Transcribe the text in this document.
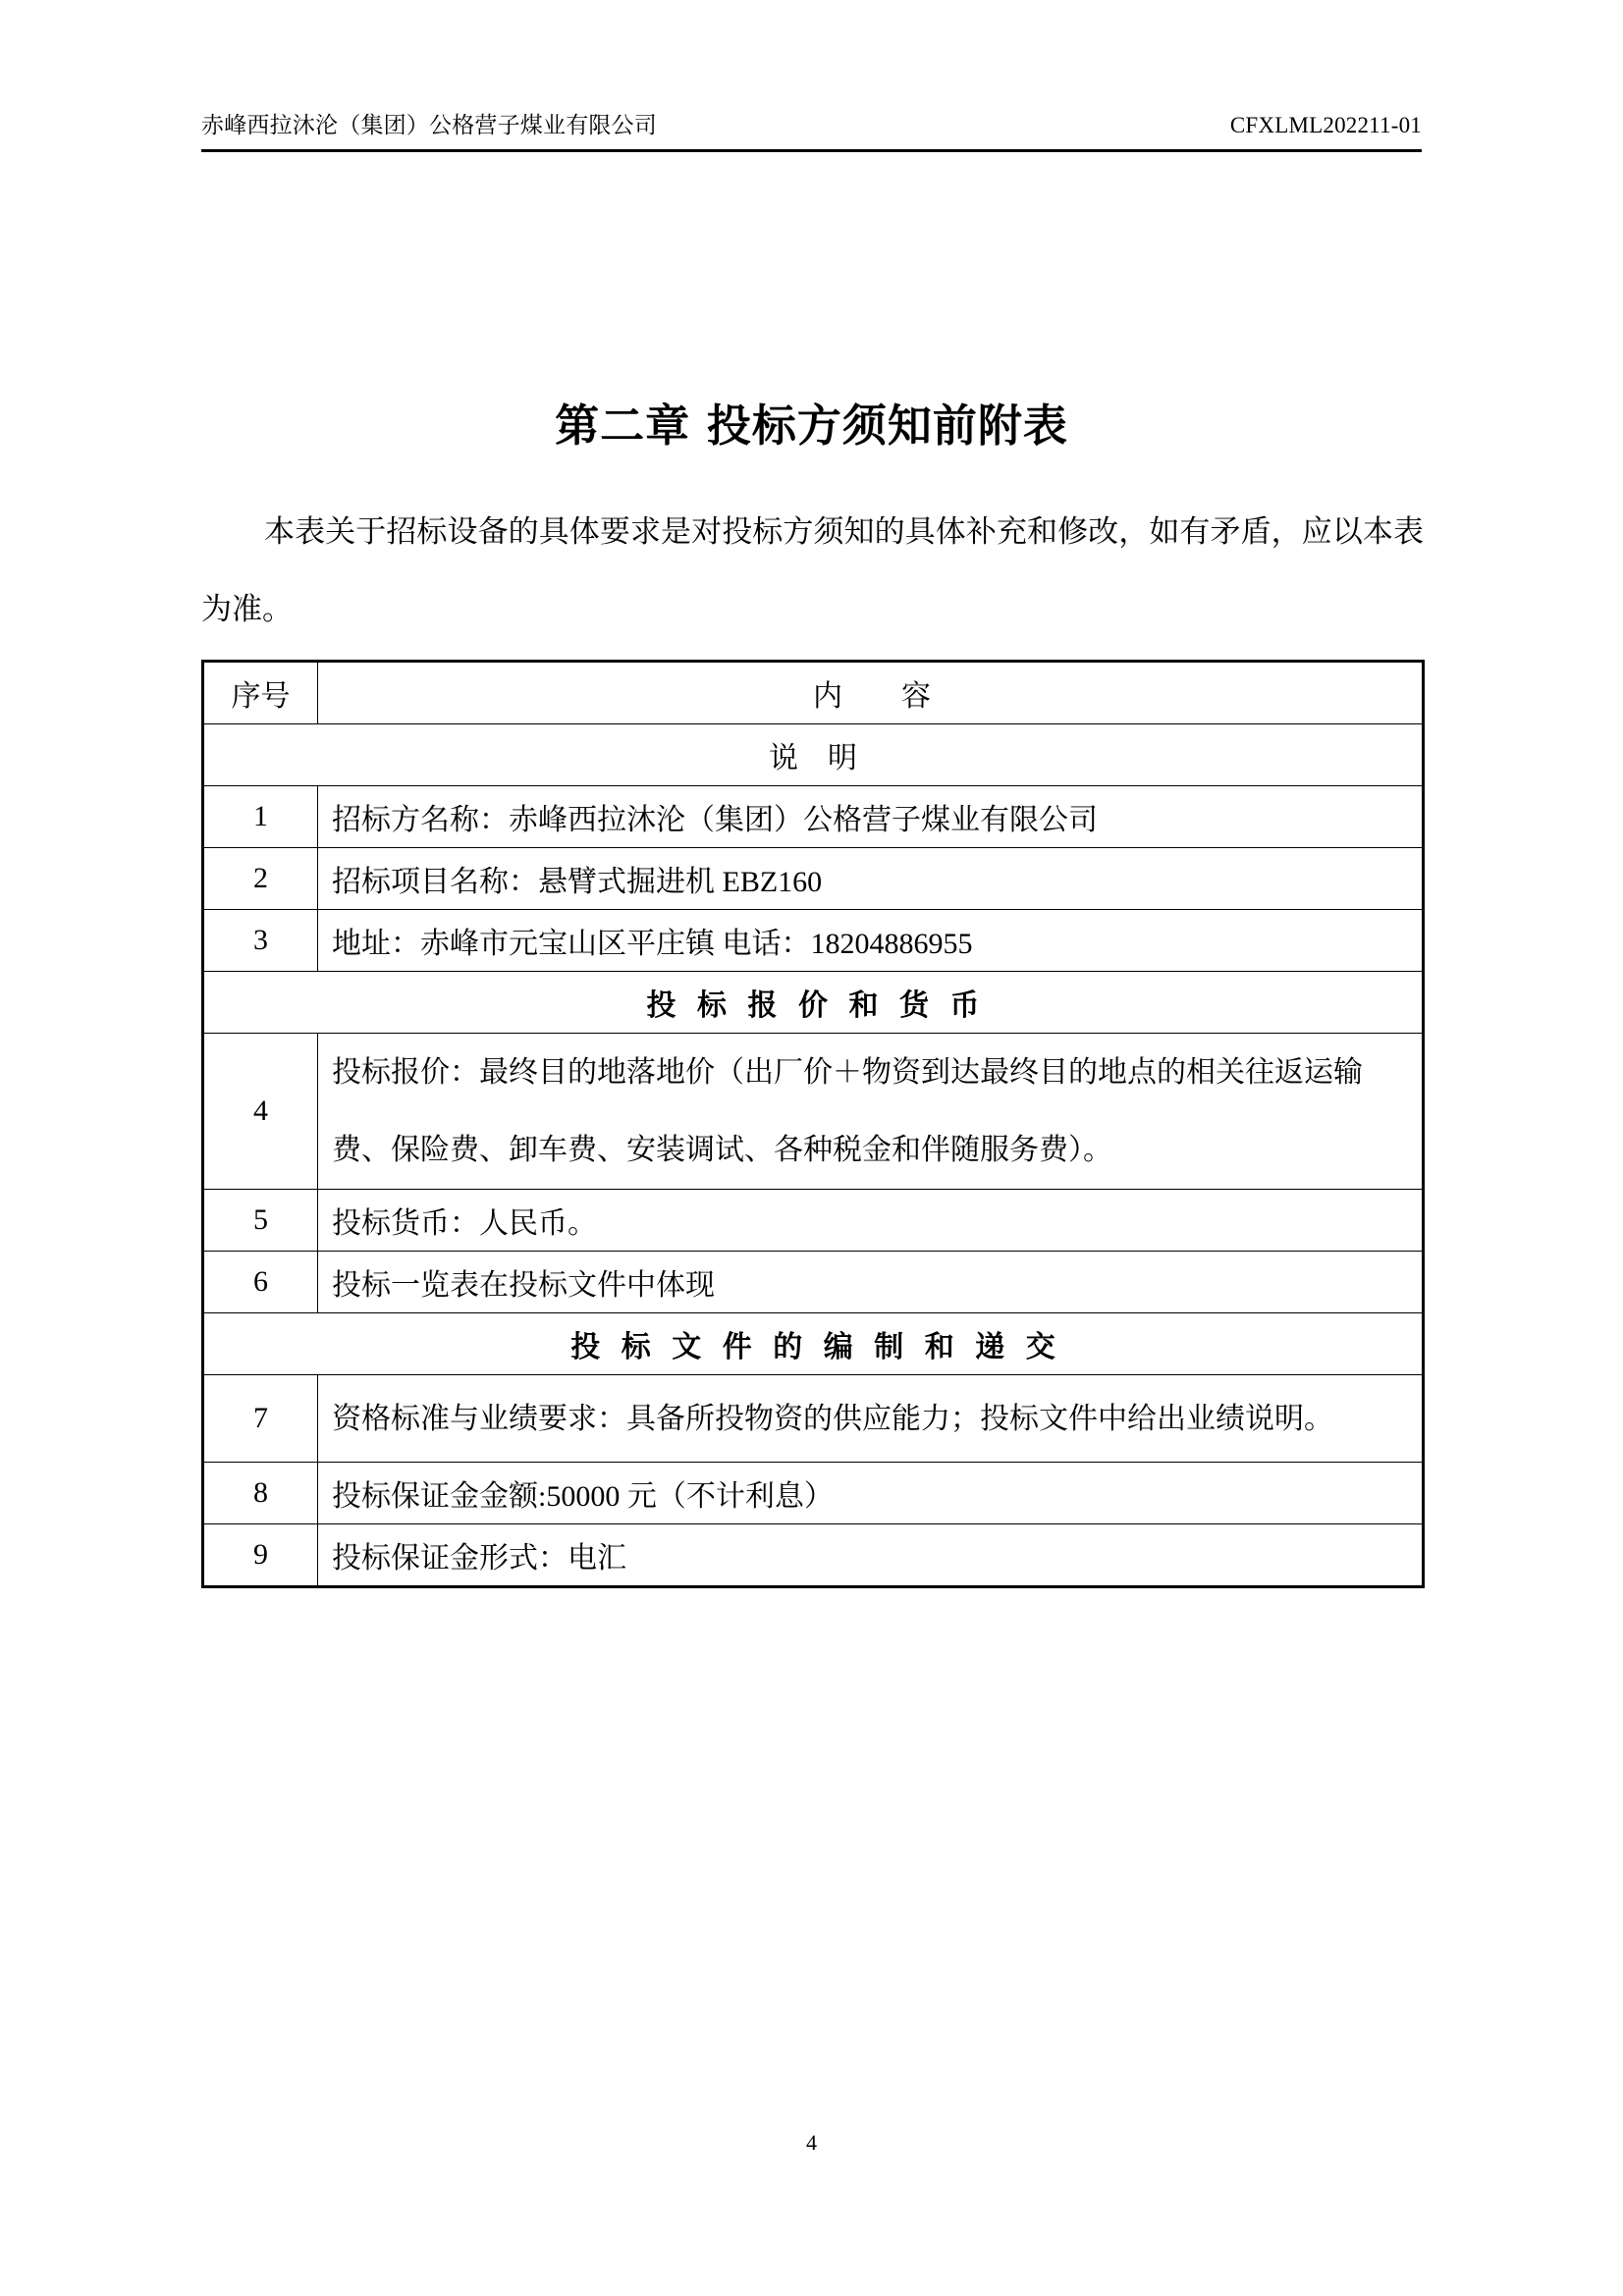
赤峰西拉沐沦（集团）公格营子煤业有限公司	CFXLML202211-01
第二章 投标方须知前附表
本表关于招标设备的具体要求是对投标方须知的具体补充和修改，如有矛盾，应以本表为准。
序号	内　　容
说　明	
1	招标方名称：赤峰西拉沐沦（集团）公格营子煤业有限公司
2	招标项目名称：悬臂式掘进机 EBZ160
3	地址：赤峰市元宝山区平庄镇 电话：18204886955
投 标 报 价 和 货 币	
4	投标报价：最终目的地落地价（出厂价＋物资到达最终目的地点的相关往返运输费、保险费、卸车费、安装调试、各种税金和伴随服务费）。
5	投标货币：人民币。
6	投标一览表在投标文件中体现
投 标 文 件 的 编 制 和 递 交	
7	资格标准与业绩要求：具备所投物资的供应能力；投标文件中给出业绩说明。
8	投标保证金金额:50000 元（不计利息）
9	投标保证金形式：电汇
4
